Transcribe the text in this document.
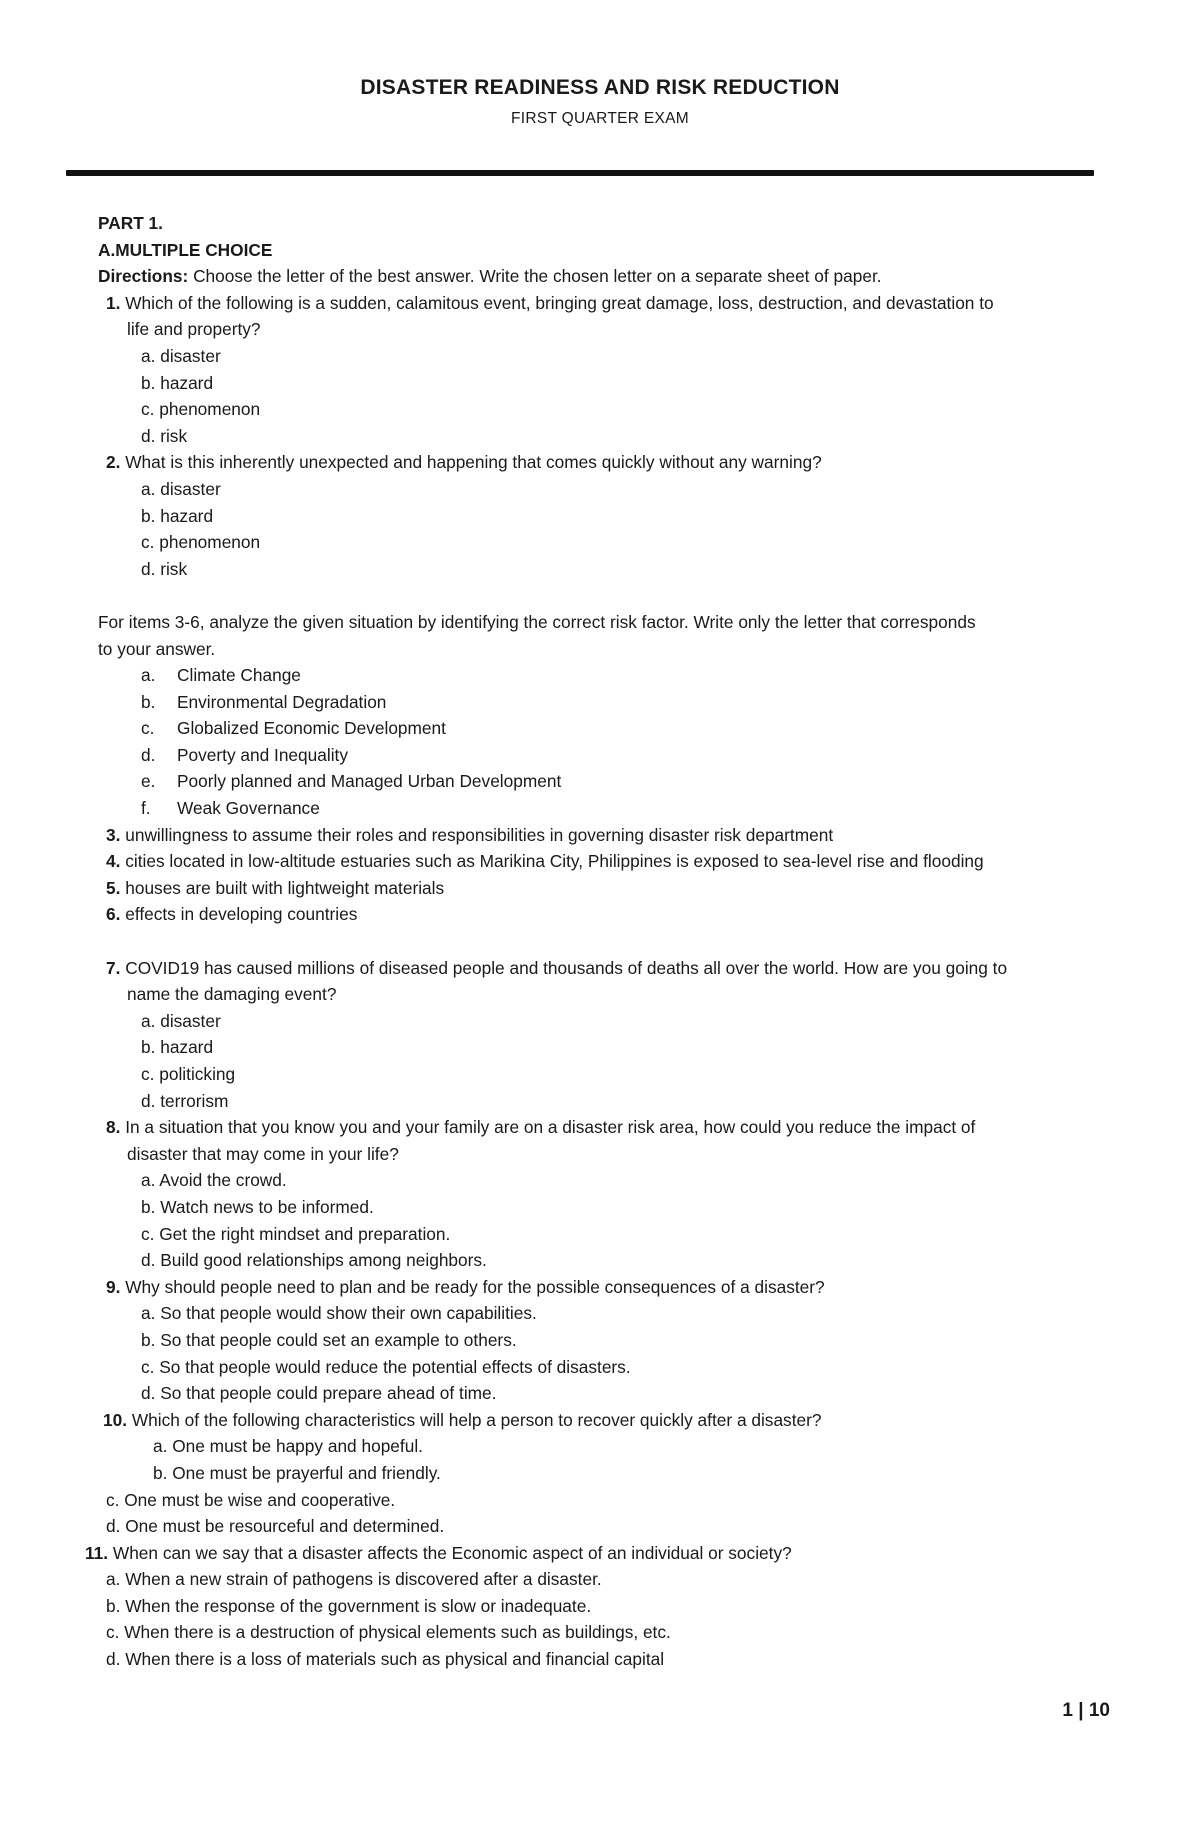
DISASTER READINESS AND RISK REDUCTION
FIRST QUARTER EXAM
PART 1.
A.MULTIPLE CHOICE
Directions: Choose the letter of the best answer. Write the chosen letter on a separate sheet of paper.
1. Which of the following is a sudden, calamitous event, bringing great damage, loss, destruction, and devastation to
life and property?
a. disaster
b. hazard
c. phenomenon
d. risk
2. What is this inherently unexpected and happening that comes quickly without any warning?
a. disaster
b. hazard
c. phenomenon
d. risk
For items 3-6, analyze the given situation by identifying the correct risk factor. Write only the letter that corresponds
to your answer.
a. Climate Change
b. Environmental Degradation
c. Globalized Economic Development
d. Poverty and Inequality
e. Poorly planned and Managed Urban Development
f. Weak Governance
3. unwillingness to assume their roles and responsibilities in governing disaster risk department
4. cities located in low-altitude estuaries such as Marikina City, Philippines is exposed to sea-level rise and flooding
5. houses are built with lightweight materials
6. effects in developing countries
7. COVID19 has caused millions of diseased people and thousands of deaths all over the world. How are you going to
name the damaging event?
a. disaster
b. hazard
c. politicking
d. terrorism
8. In a situation that you know you and your family are on a disaster risk area, how could you reduce the impact of
disaster that may come in your life?
a. Avoid the crowd.
b. Watch news to be informed.
c. Get the right mindset and preparation.
d. Build good relationships among neighbors.
9. Why should people need to plan and be ready for the possible consequences of a disaster?
a. So that people would show their own capabilities.
b. So that people could set an example to others.
c. So that people would reduce the potential effects of disasters.
d. So that people could prepare ahead of time.
10. Which of the following characteristics will help a person to recover quickly after a disaster?
a. One must be happy and hopeful.
b. One must be prayerful and friendly.
c. One must be wise and cooperative.
d. One must be resourceful and determined.
11. When can we say that a disaster affects the Economic aspect of an individual or society?
a. When a new strain of pathogens is discovered after a disaster.
b. When the response of the government is slow or inadequate.
c. When there is a destruction of physical elements such as buildings, etc.
d. When there is a loss of materials such as physical and financial capital
1 | 10
